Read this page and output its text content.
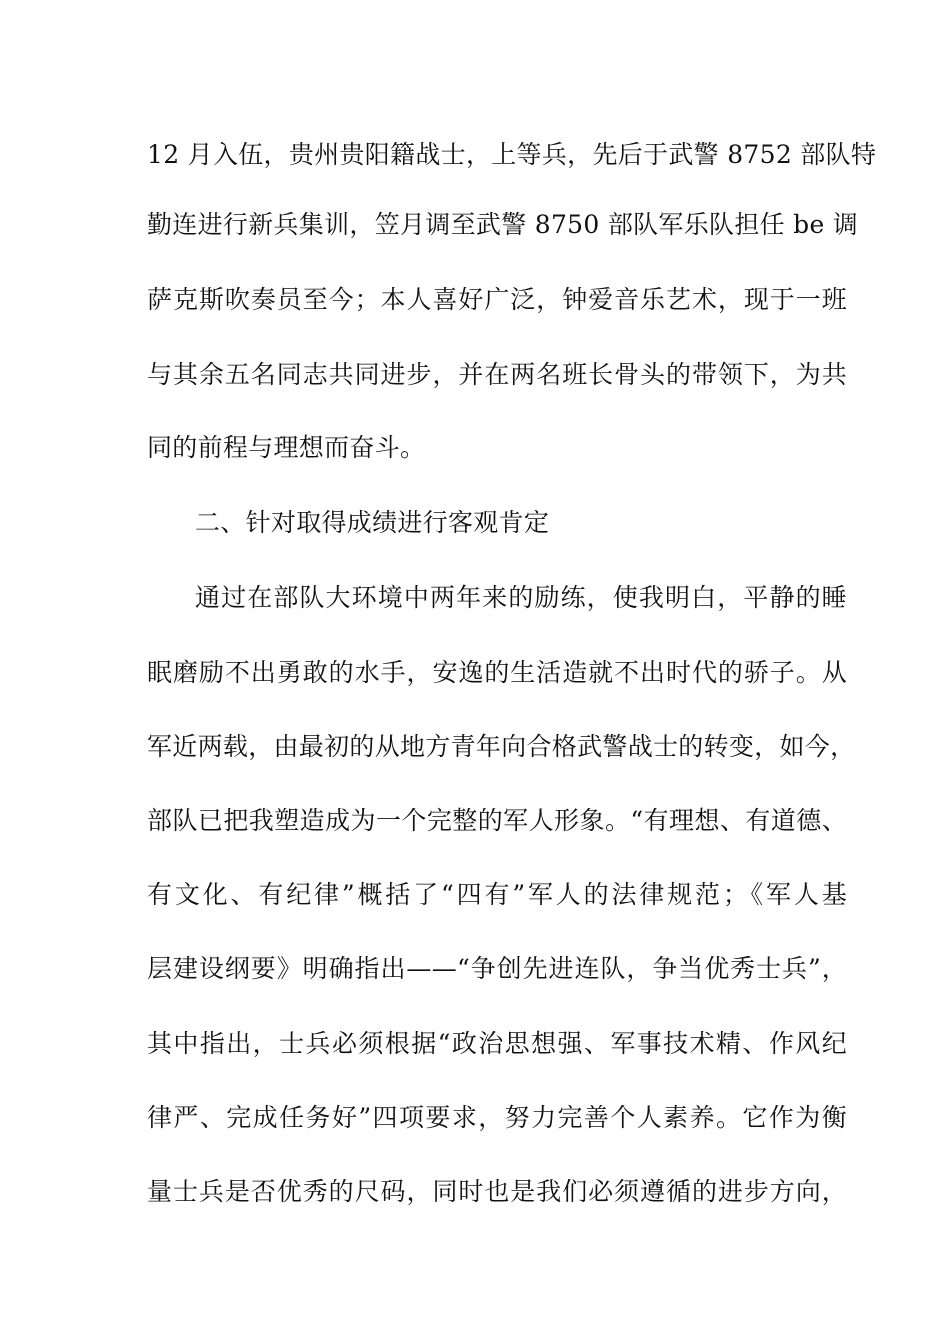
12 月入伍，贵州贵阳籍战士，上等兵，先后于武警 8752 部队特
勤连进行新兵集训，笠月调至武警 8750 部队军乐队担任 be 调
萨克斯吹奏员至今；本人喜好广泛，钟爱音乐艺术，现于一班
与其余五名同志共同进步，并在两名班长骨头的带领下，为共
同的前程与理想而奋斗。
二、针对取得成绩进行客观肯定
通过在部队大环境中两年来的励练，使我明白，平静的睡
眠磨励不出勇敢的水手，安逸的生活造就不出时代的骄子。从
军近两载，由最初的从地方青年向合格武警战士的转变，如今，
部队已把我塑造成为一个完整的军人形象。“有理想、有道德、
有文化、有纪律”概括了“四有”军人的法律规范；《军人基
层建设纲要》明确指出——“争创先进连队，争当优秀士兵”，
其中指出，士兵必须根据“政治思想强、军事技术精、作风纪
律严、完成任务好”四项要求，努力完善个人素养。它作为衡
量士兵是否优秀的尺码，同时也是我们必须遵循的进步方向，
